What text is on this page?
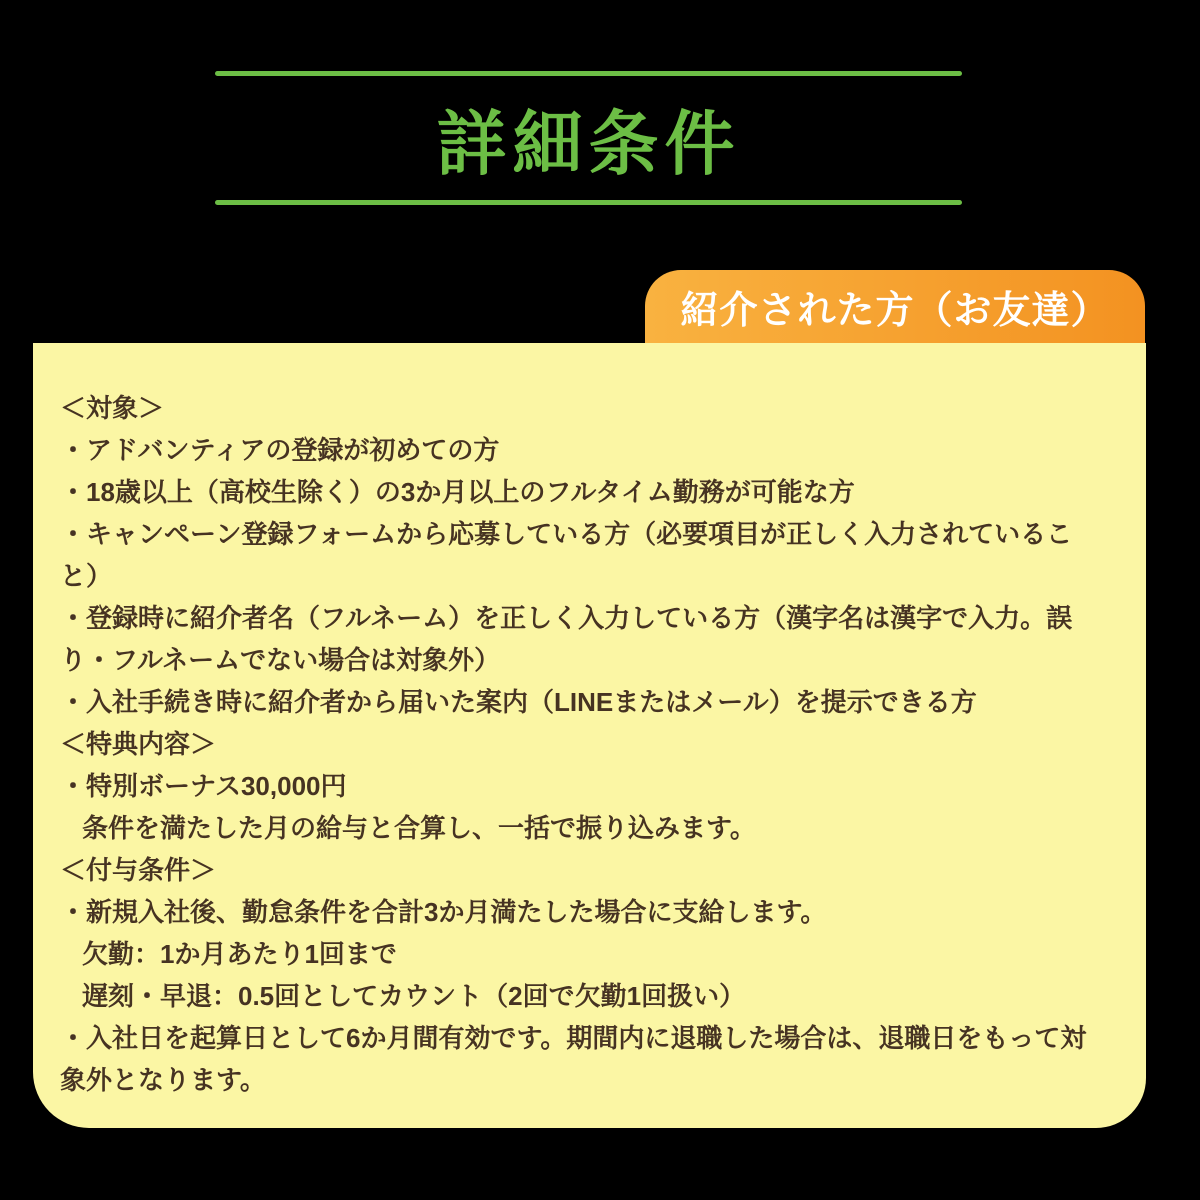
詳細条件
紹介された方（お友達）
＜対象＞
・アドバンティアの登録が初めての方
・18歳以上（高校生除く）の3か月以上のフルタイム勤務が可能な方
・キャンペーン登録フォームから応募している方（必要項目が正しく入力されていること）
・登録時に紹介者名（フルネーム）を正しく入力している方（漢字名は漢字で入力。誤り・フルネームでない場合は対象外）
・入社手続き時に紹介者から届いた案内（LINEまたはメール）を提示できる方
＜特典内容＞
・特別ボーナス30,000円
条件を満たした月の給与と合算し、一括で振り込みます。
＜付与条件＞
・新規入社後、勤怠条件を合計3か月満たした場合に支給します。
欠勤：1か月あたり1回まで
遅刻・早退：0.5回としてカウント（2回で欠勤1回扱い）
・入社日を起算日として6か月間有効です。期間内に退職した場合は、退職日をもって対象外となります。
